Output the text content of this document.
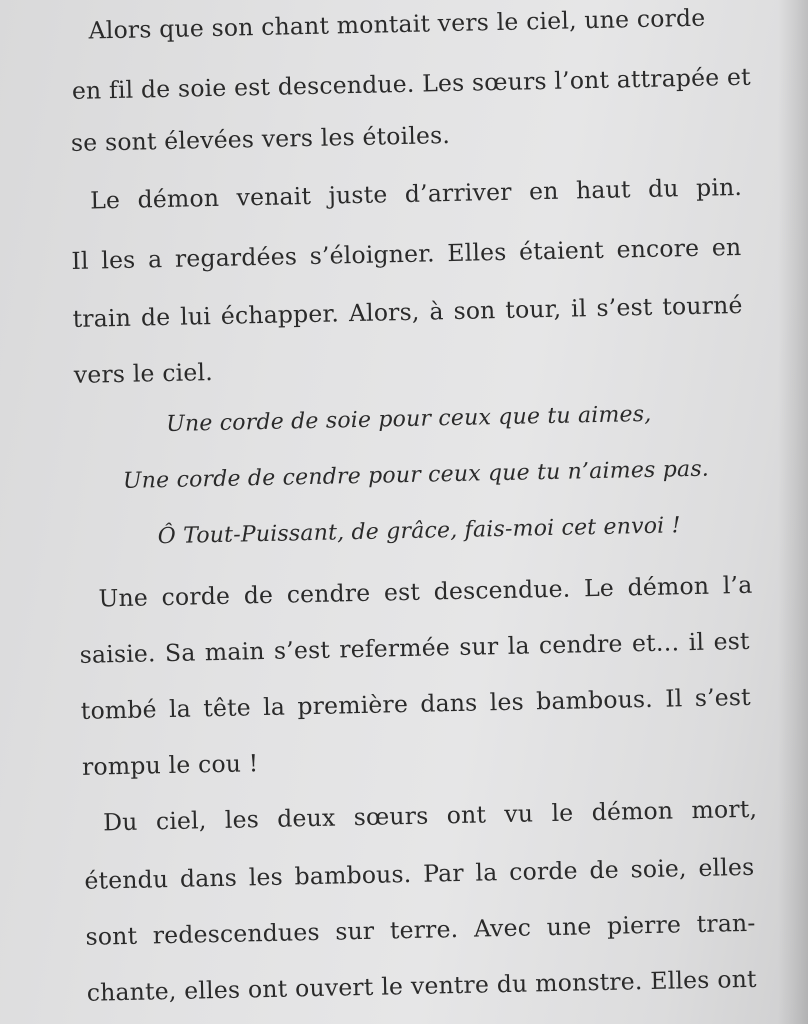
Alors que son chant montait vers le ciel, une corde
en fil de soie est descendue. Les sœurs l’ont attrapée et
se sont élevées vers les étoiles.
Le démon venait juste d’arriver en haut du pin.
Il les a regardées s’éloigner. Elles étaient encore en
train de lui échapper. Alors, à son tour, il s’est tourné
vers le ciel.
Une corde de soie pour ceux que tu aimes,
Une corde de cendre pour ceux que tu n’aimes pas.
Ô Tout-Puissant, de grâce, fais-moi cet envoi !
Une corde de cendre est descendue. Le démon l’a
saisie. Sa main s’est refermée sur la cendre et… il est
tombé la tête la première dans les bambous. Il s’est
rompu le cou !
Du ciel, les deux sœurs ont vu le démon mort,
étendu dans les bambous. Par la corde de soie, elles
sont redescendues sur terre. Avec une pierre tran-
chante, elles ont ouvert le ventre du monstre. Elles ont
